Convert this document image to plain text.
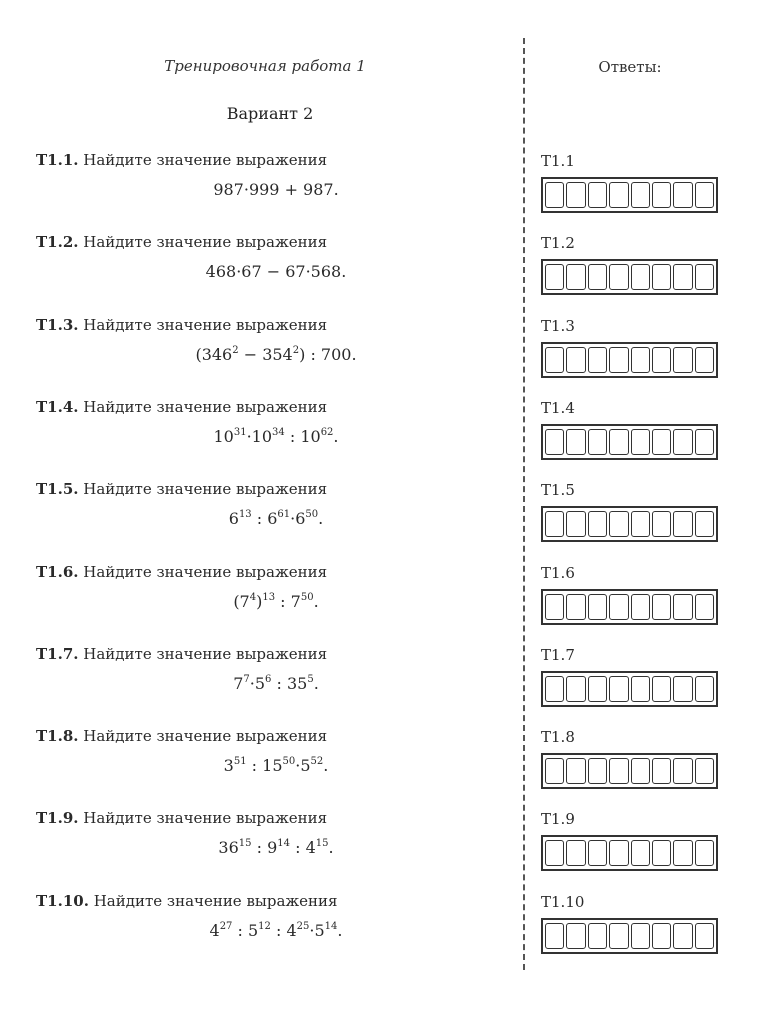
Тренировочная работа 1
Вариант 2
Ответы:
Т1.1. Найдите значение выражения
987·999 + 987.
Т1.2. Найдите значение выражения
468·67 − 67·568.
Т1.3. Найдите значение выражения
$(346^2 - 354^2)$ : 700.
Т1.4. Найдите значение выражения
$10^{31}\cdot 10^{34}$ : $10^{62}$.
Т1.5. Найдите значение выражения
$6^{13}$ : $6^{61}\cdot 6^{50}$.
Т1.6. Найдите значение выражения
$(7^4)^{13}$ : $7^{50}$.
Т1.7. Найдите значение выражения
$7^7\cdot 5^6$ : $35^5$.
Т1.8. Найдите значение выражения
$3^{51}$ : $15^{50}\cdot 5^{52}$.
Т1.9. Найдите значение выражения
$36^{15}$ : $9^{14}$ : $4^{15}$.
Т1.10. Найдите значение выражения
$4^{27}$ : $5^{12}$ : $4^{25}\cdot 5^{14}$.
Т1.1
Т1.2
Т1.3
Т1.4
Т1.5
Т1.6
Т1.7
Т1.8
Т1.9
Т1.10
